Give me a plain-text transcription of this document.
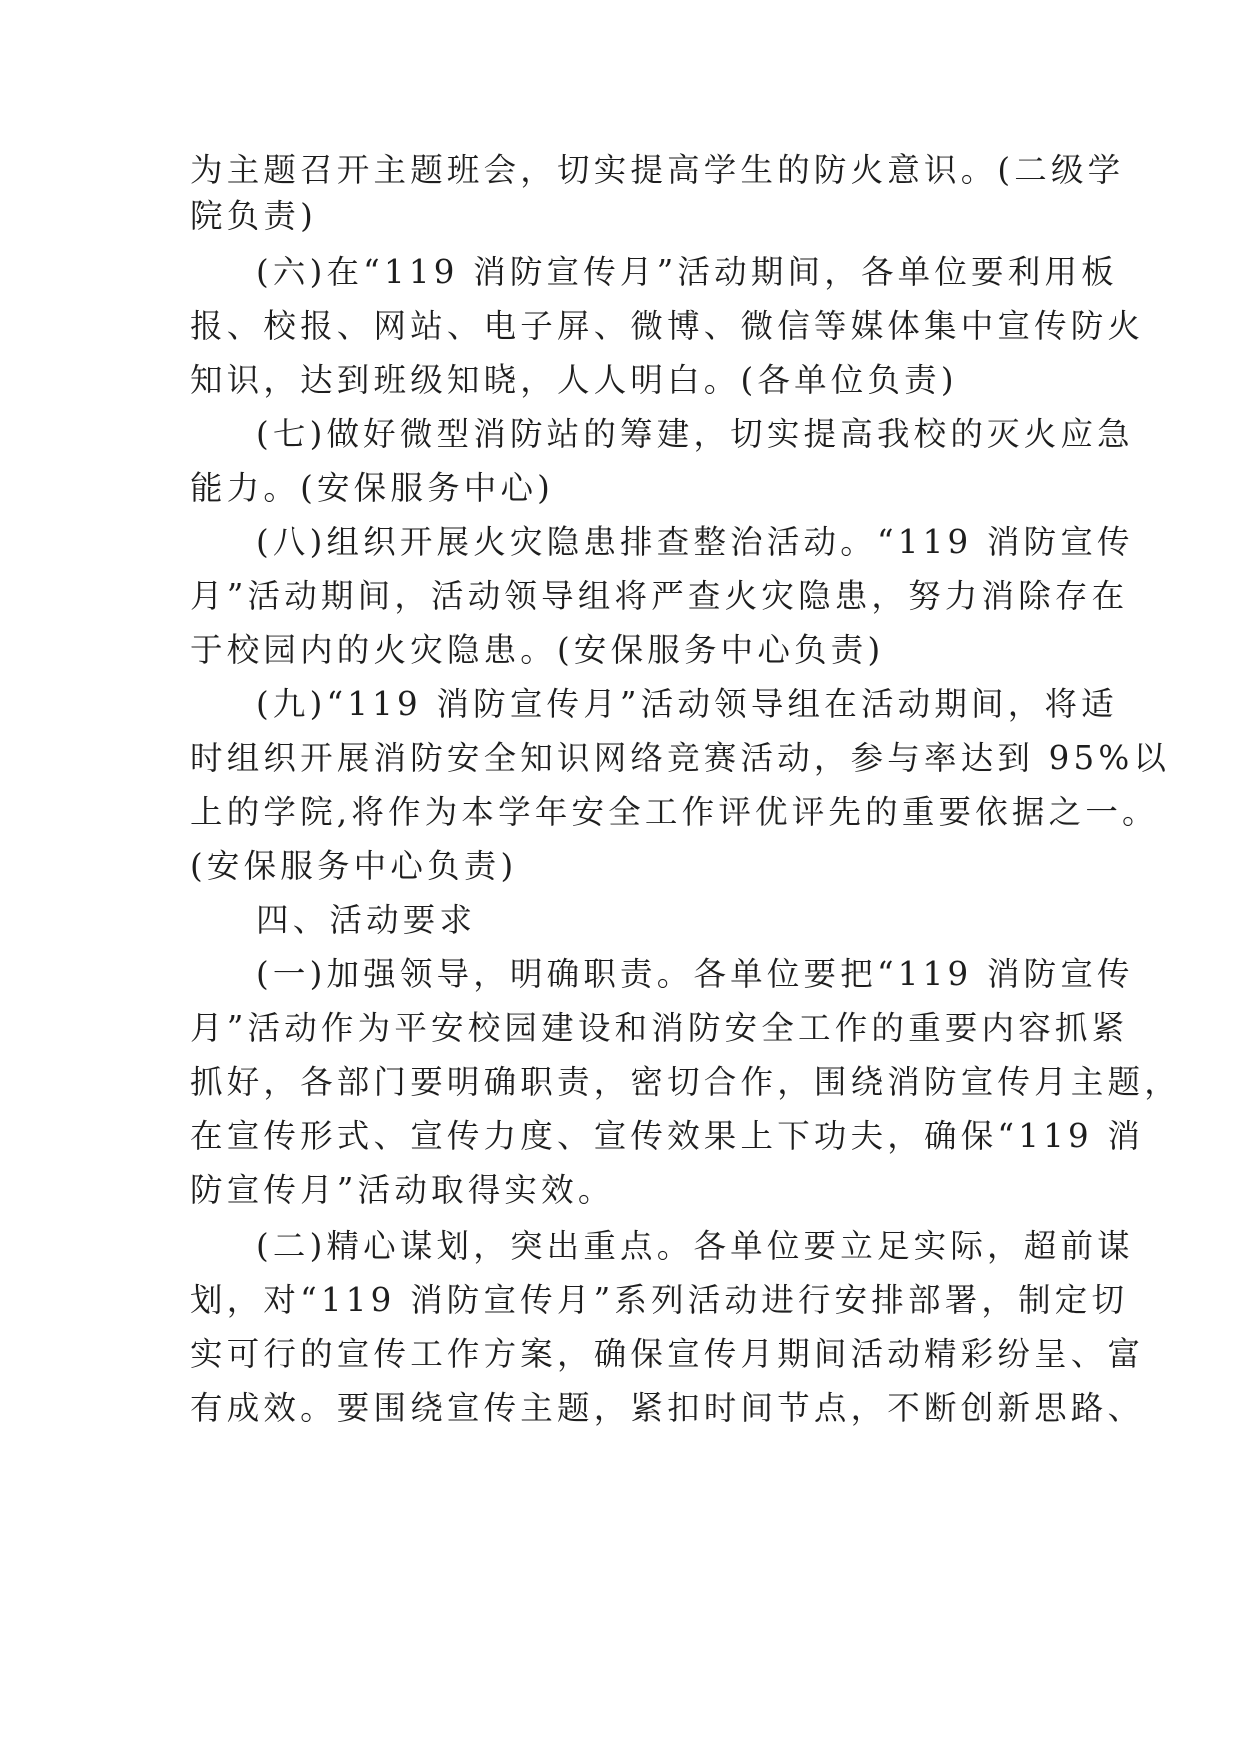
为主题召开主题班会，切实提高学生的防火意识。(二级学
院负责)
(六)在“119 消防宣传月”活动期间，各单位要利用板
报、校报、网站、电子屏、微博、微信等媒体集中宣传防火
知识，达到班级知晓，人人明白。(各单位负责)
(七)做好微型消防站的筹建，切实提高我校的灭火应急
能力。(安保服务中心)
(八)组织开展火灾隐患排查整治活动。“119 消防宣传
月”活动期间，活动领导组将严查火灾隐患，努力消除存在
于校园内的火灾隐患。(安保服务中心负责)
(九)“119 消防宣传月”活动领导组在活动期间，将适
时组织开展消防安全知识网络竞赛活动，参与率达到 95%以
上的学院,将作为本学年安全工作评优评先的重要依据之一。
(安保服务中心负责)
四、活动要求
(一)加强领导，明确职责。各单位要把“119 消防宣传
月”活动作为平安校园建设和消防安全工作的重要内容抓紧
抓好，各部门要明确职责，密切合作，围绕消防宣传月主题，
在宣传形式、宣传力度、宣传效果上下功夫，确保“119 消
防宣传月”活动取得实效。
(二)精心谋划，突出重点。各单位要立足实际，超前谋
划，对“119 消防宣传月”系列活动进行安排部署，制定切
实可行的宣传工作方案，确保宣传月期间活动精彩纷呈、富
有成效。要围绕宣传主题，紧扣时间节点，不断创新思路、
